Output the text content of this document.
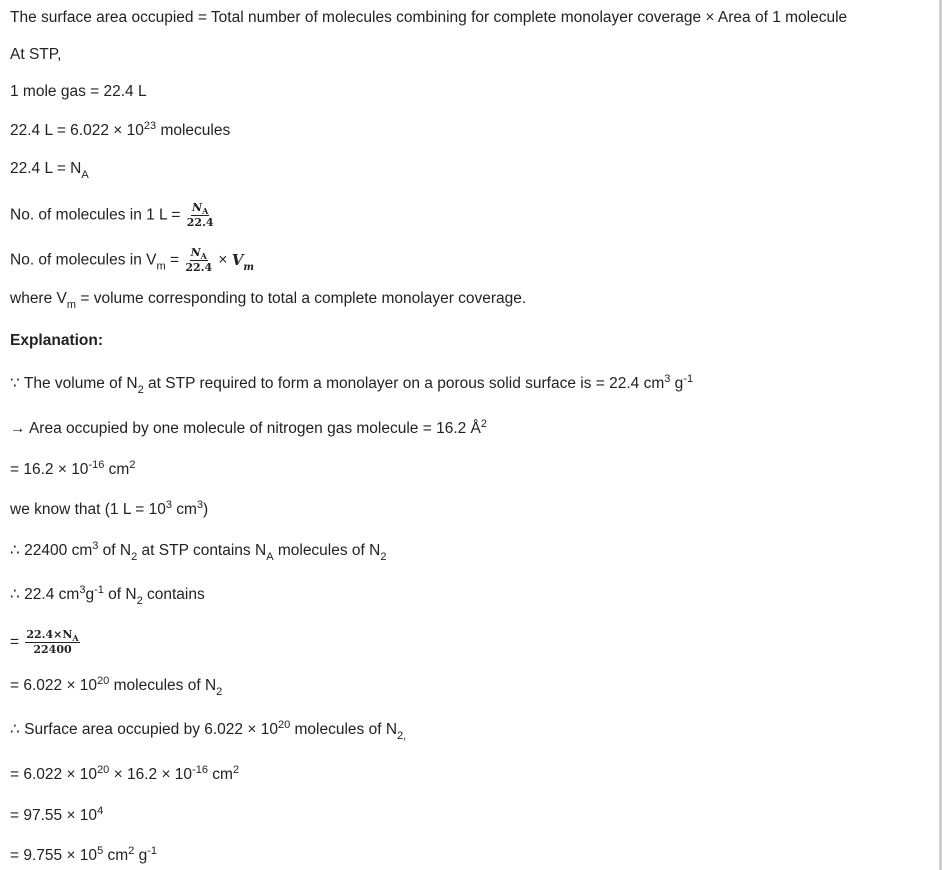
The surface area occupied = Total number of molecules combining for complete monolayer coverage × Area of 1 molecule
At STP,
1 mole gas = 22.4 L
22.4 $L = 6.022 \times 10^{23}$ molecules
22.4 $L = N_A$
No. of molecules in 1 $L = \frac{N_A}{22.4}$
No. of molecules in $V_m = \frac{N_A}{22.4} \times V_m$
where $V_m$ = volume corresponding to total a complete monolayer coverage.
Explanation:
∵ The volume of $N_2$ at STP required to form a monolayer on a porous solid surface is = 22.4 $cm^3$ $g^{-1}$
→ Area occupied by one molecule of nitrogen gas molecule = 16.2 $Å^2$
= $16.2 \times 10^{-16}$ $cm^2$
we know that (1 $L = 10^3$ $cm^3$)
∴ 22400 $cm^3$ of $N_2$ at STP contains $N_A$ molecules of $N_2$
∴ 22.4 $cm^3g^{-1}$ of $N_2$ contains
= $\frac{22.4\times N_A}{22400}$
= $6.022 \times 10^{20}$ molecules of $N_2$
∴ Surface area occupied by $6.022 \times 10^{20}$ molecules of $N_{2,}$
= $6.022 \times 10^{20} \times 16.2 \times 10^{-16}$ $cm^2$
= $97.55 \times 10^4$
= $9.755 \times 10^5$ $cm^2$ $g^{-1}$
